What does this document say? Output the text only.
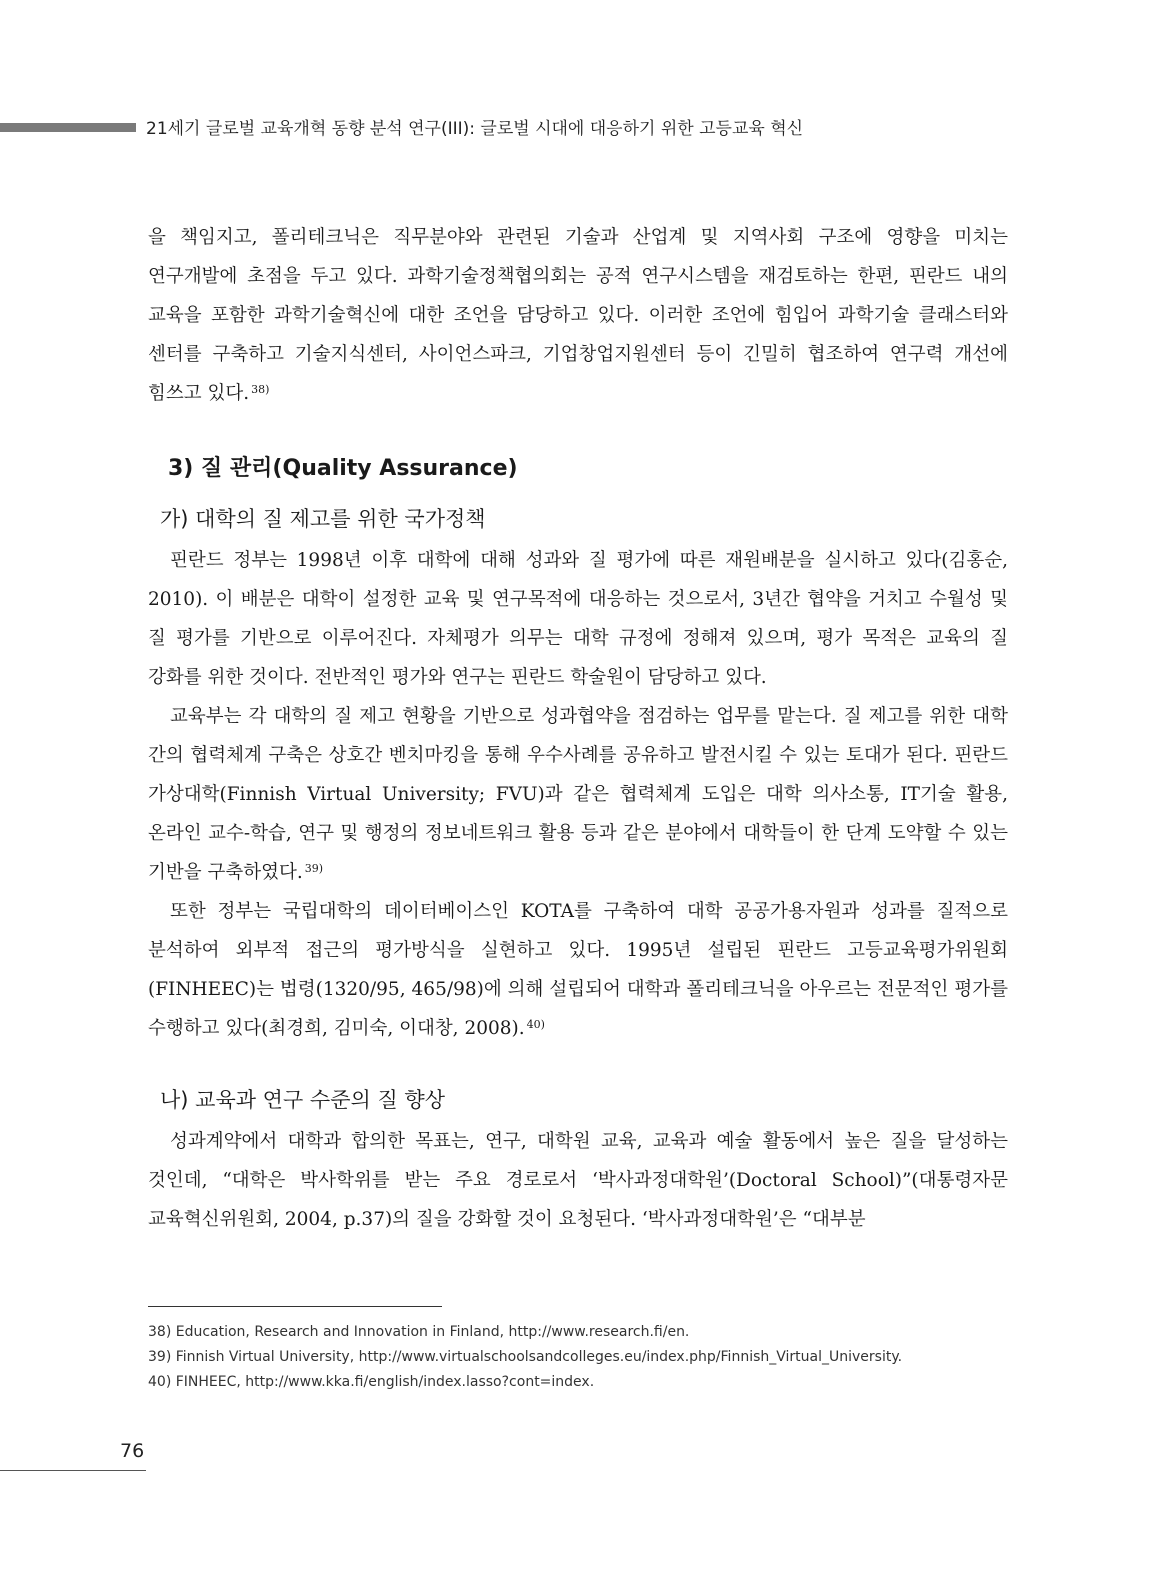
21세기 글로벌 교육개혁 동향 분석 연구(III): 글로벌 시대에 대응하기 위한 고등교육 혁신

을 책임지고, 폴리테크닉은 직무분야와 관련된 기술과 산업계 및 지역사회 구조에 영향을 미치는 연구개발에 초점을 두고 있다. 과학기술정책협의회는 공적 연구시스템을 재검토하는 한편, 핀란드 내의 교육을 포함한 과학기술혁신에 대한 조언을 담당하고 있다. 이러한 조언에 힘입어 과학기술 클래스터와 센터를 구축하고 기술지식센터, 사이언스파크, 기업창업지원센터 등이 긴밀히 협조하여 연구력 개선에 힘쓰고 있다. $^{38)}$

3) 질 관리(Quality Assurance)
가) 대학의 질 제고를 위한 국가정책

핀란드 정부는 1998년 이후 대학에 대해 성과와 질 평가에 따른 재원배분을 실시하고 있다(김홍순, 2010). 이 배분은 대학이 설정한 교육 및 연구목적에 대응하는 것으로서, 3년간 협약을 거치고 수월성 및 질 평가를 기반으로 이루어진다. 자체평가 의무는 대학 규정에 정해져 있으며, 평가 목적은 교육의 질 강화를 위한 것이다. 전반적인 평가와 연구는 핀란드 학술원이 담당하고 있다.

교육부는 각 대학의 질 제고 현황을 기반으로 성과협약을 점검하는 업무를 맡는다. 질 제고를 위한 대학 간의 협력체계 구축은 상호간 벤치마킹을 통해 우수사례를 공유하고 발전시킬 수 있는 토대가 된다. 핀란드 가상대학(Finnish Virtual University; FVU)과 같은 협력체계 도입은 대학 의사소통, IT기술 활용, 온라인 교수-학습, 연구 및 행정의 정보네트워크 활용 등과 같은 분야에서 대학들이 한 단계 도약할 수 있는 기반을 구축하였다. $^{39)}$

또한 정부는 국립대학의 데이터베이스인 KOTA를 구축하여 대학 공공가용자원과 성과를 질적으로 분석하여 외부적 접근의 평가방식을 실현하고 있다. 1995년 설립된 핀란드 고등교육평가위원회(FINHEEC)는 법령(1320/95, 465/98)에 의해 설립되어 대학과 폴리테크닉을 아우르는 전문적인 평가를 수행하고 있다(최경희, 김미숙, 이대창, 2008). $^{40)}$

나) 교육과 연구 수준의 질 향상

성과계약에서 대학과 합의한 목표는, 연구, 대학원 교육, 교육과 예술 활동에서 높은 질을 달성하는 것인데, “대학은 박사학위를 받는 주요 경로로서 ‘박사과정대학원’(Doctoral School)”(대통령자문 교육혁신위원회, 2004, p.37)의 질을 강화할 것이 요청된다. ‘박사과정대학원’은 “대부분

38) Education, Research and Innovation in Finland, http://www.research.fi/en.
39) Finnish Virtual University, http://www.virtualschoolsandcolleges.eu/index.php/Finnish_Virtual_University.
40) FINHEEC, http://www.kka.fi/english/index.lasso?cont=index.
76
